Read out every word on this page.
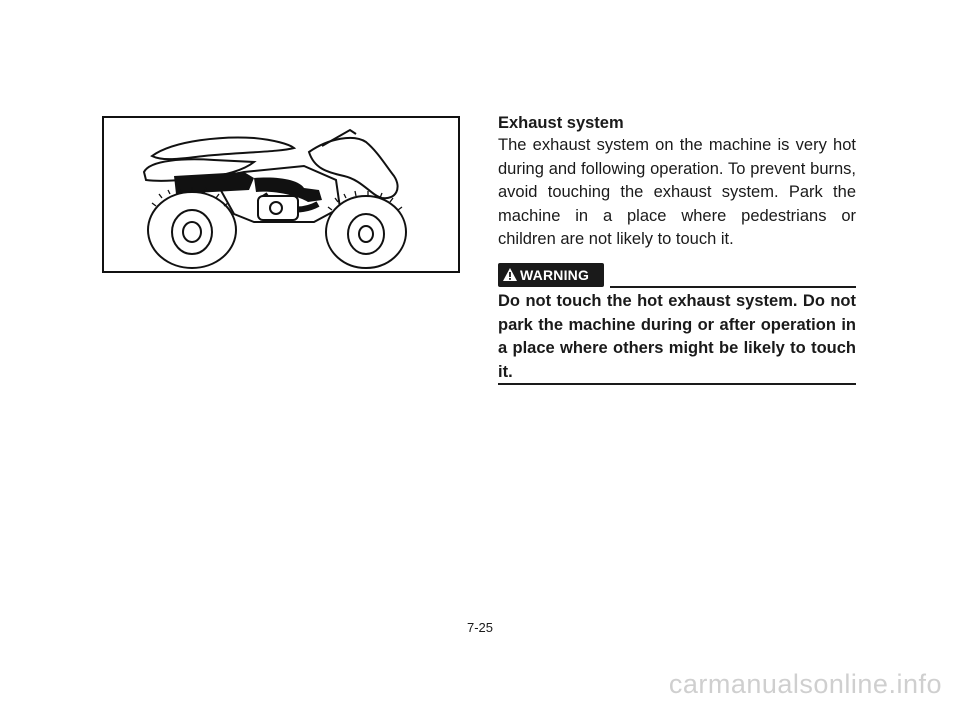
Exhaust system

The exhaust system on the machine is very hot during and following operation. To prevent burns, avoid touching the exhaust system. Park the machine in a place where pedestrians or children are not likely to touch it.

WARNING

Do not touch the hot exhaust system. Do not park the machine during or after operation in a place where others might be likely to touch it.

7-25
carmanualsonline.info
